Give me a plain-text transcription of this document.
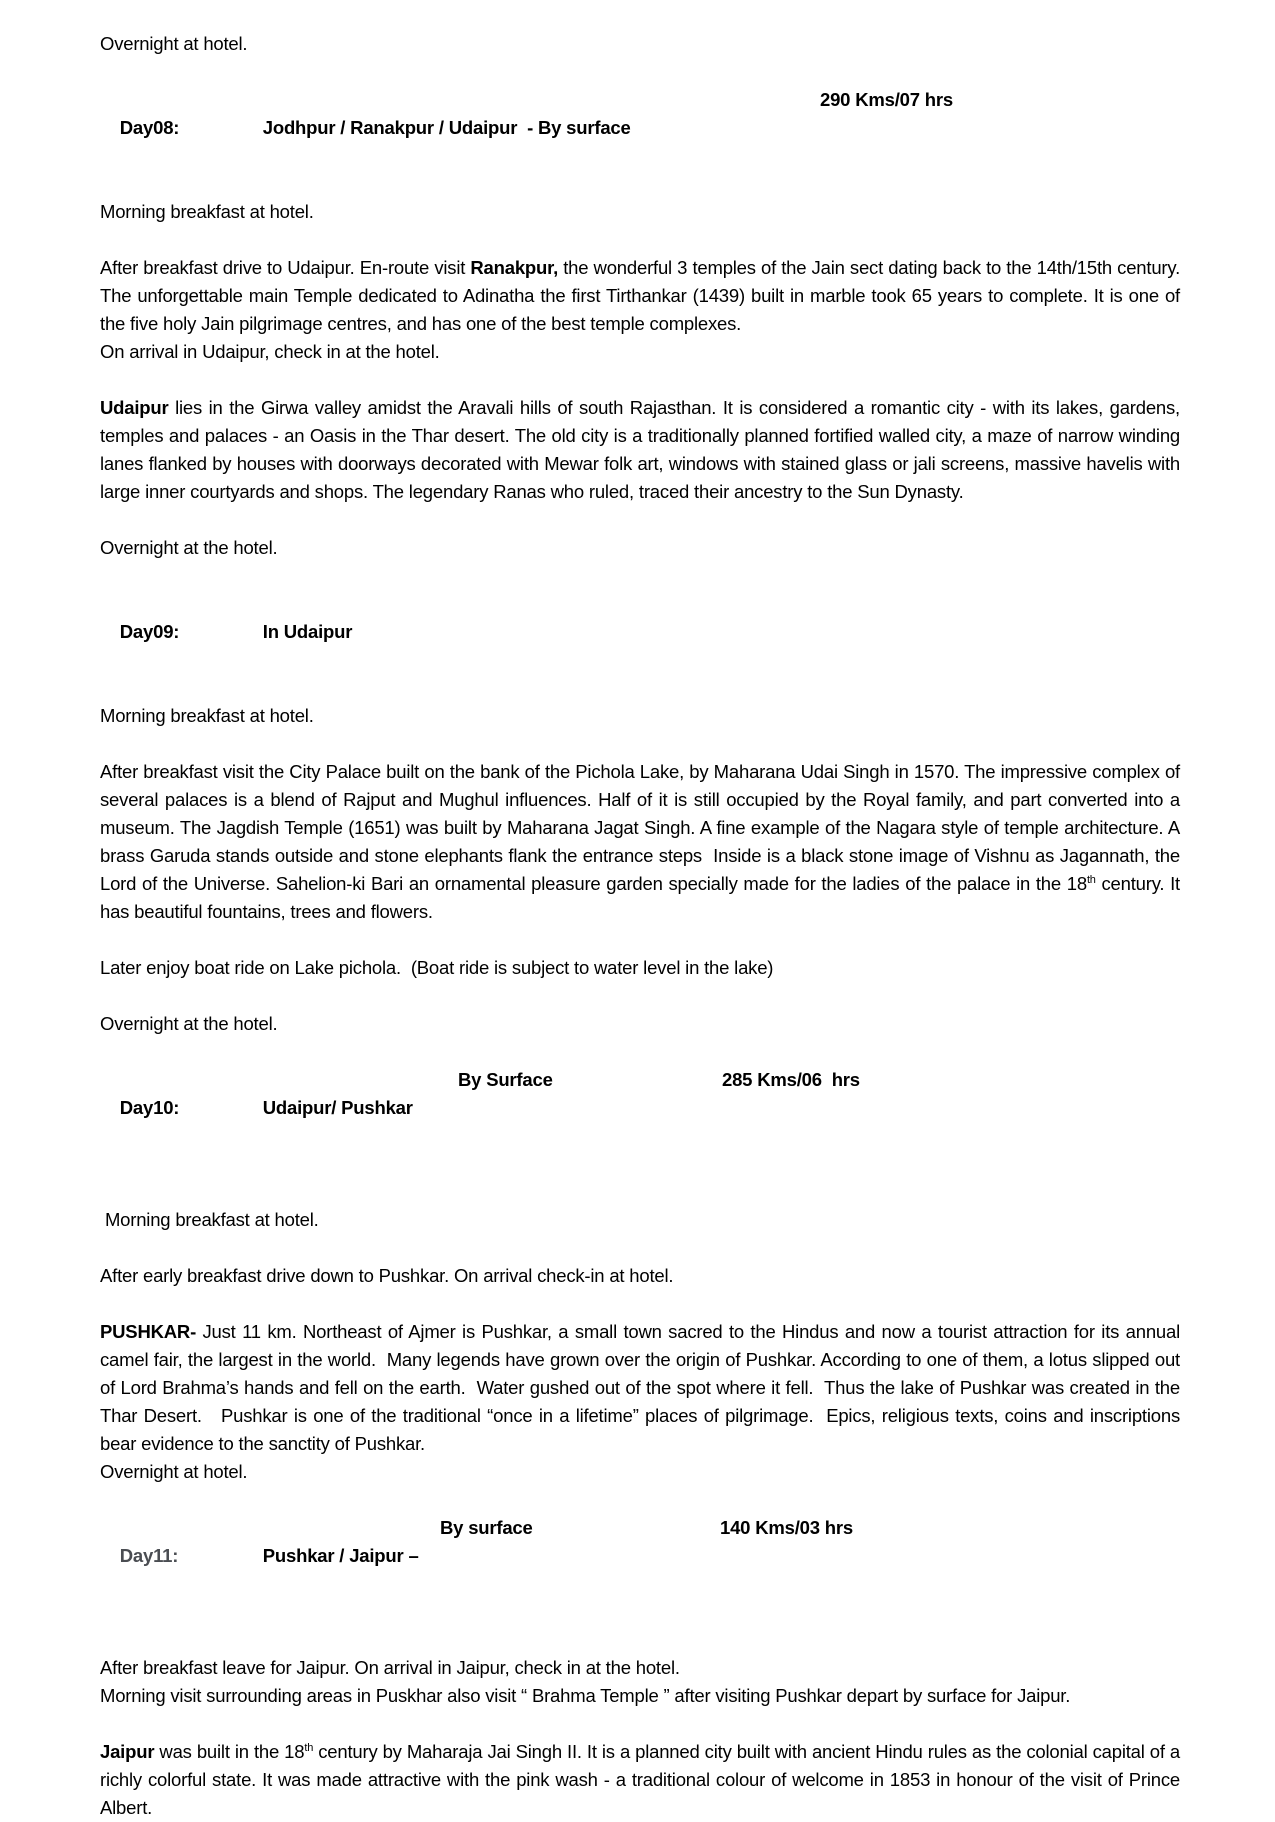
Overnight at hotel.

Day08:	Jodhpur / Ranakpur / Udaipur  - By surface

290 Kms/07 hrs

Morning breakfast at hotel.

After breakfast drive to Udaipur. En-route visit Ranakpur, the wonderful 3 temples of the Jain sect dating back to the 14th/15th century. The unforgettable main Temple dedicated to Adinatha the first Tirthankar (1439) built in marble took 65 years to complete. It is one of the five holy Jain pilgrimage centres, and has one of the best temple complexes.

On arrival in Udaipur, check in at the hotel.

Udaipur lies in the Girwa valley amidst the Aravali hills of south Rajasthan. It is considered a romantic city - with its lakes, gardens, temples and palaces - an Oasis in the Thar desert. The old city is a traditionally planned fortified walled city, a maze of narrow winding lanes flanked by houses with doorways decorated with Mewar folk art, windows with stained glass or jali screens, massive havelis with large inner courtyards and shops. The legendary Ranas who ruled, traced their ancestry to the Sun Dynasty.

Overnight at the hotel.

Day09:	In Udaipur

Morning breakfast at hotel.

After breakfast visit the City Palace built on the bank of the Pichola Lake, by Maharana Udai Singh in 1570. The impressive complex of several palaces is a blend of Rajput and Mughul influences. Half of it is still occupied by the Royal family, and part converted into a museum. The Jagdish Temple (1651) was built by Maharana Jagat Singh. A fine example of the Nagara style of temple architecture. A brass Garuda stands outside and stone elephants flank the entrance steps  Inside is a black stone image of Vishnu as Jagannath, the Lord of the Universe. Sahelion-ki Bari an ornamental pleasure garden specially made for the ladies of the palace in the 18th century. It has beautiful fountains, trees and flowers.

Later enjoy boat ride on Lake pichola.  (Boat ride is subject to water level in the lake)

Overnight at the hotel.

Day10:	Udaipur/ Pushkar

By Surface

	285 Kms/06  hrs

Morning breakfast at hotel.

After early breakfast drive down to Pushkar. On arrival check-in at hotel.

PUSHKAR- Just 11 km. Northeast of Ajmer is Pushkar, a small town sacred to the Hindus and now a tourist attraction for its annual camel fair, the largest in the world.  Many legends have grown over the origin of Pushkar. According to one of them, a lotus slipped out of Lord Brahma’s hands and fell on the earth.  Water gushed out of the spot where it fell.  Thus the lake of Pushkar was created in the Thar Desert.   Pushkar is one of the traditional “once in a lifetime” places of pilgrimage.  Epics, religious texts, coins and inscriptions bear evidence to the sanctity of Pushkar.

Overnight at hotel.

Day11:	Pushkar / Jaipur –

By surface

	140 Kms/03 hrs

After breakfast leave for Jaipur. On arrival in Jaipur, check in at the hotel.

Morning visit surrounding areas in Puskhar also visit “ Brahma Temple ” after visiting Pushkar depart by surface for Jaipur.

Jaipur was built in the 18th century by Maharaja Jai Singh II. It is a planned city built with ancient Hindu rules as the colonial capital of a richly colorful state. It was made attractive with the pink wash - a traditional colour of welcome in 1853 in honour of the visit of Prince Albert.
